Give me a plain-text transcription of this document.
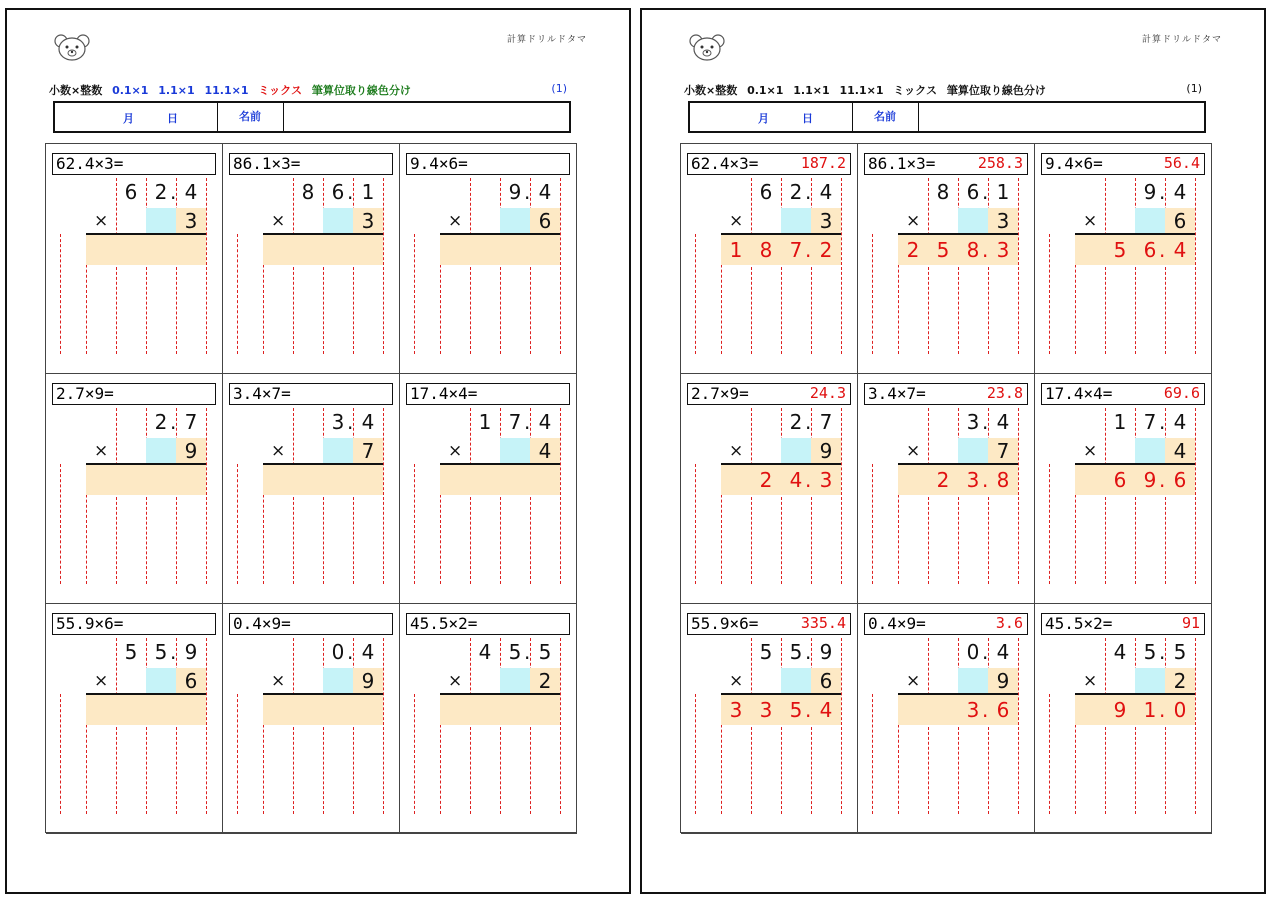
計算ドリルドタマ
小数×整数 0.1×1 1.1×1 11.1×1 ミックス 筆算位取り線色分け	(1)
月	日	名前
62.4×3=
6 2 4
.
×	3
86.1×3=
8 6 1
.
×	3
9.4×6=
9 4
.
×	6
2.7×9=
2 7
.
×	9
3.4×7=
3 4
.
×	7
17.4×4=
1 7 4
.
×	4
55.9×6=
5 5 9
.
×	6
0.4×9=
0 4
.
×	9
45.5×2=
4 5 5
.
×	2
計算ドリルドタマ
小数×整数 0.1×1 1.1×1 11.1×1 ミックス 筆算位取り線色分け	(1)
月	日	名前
62.4×3=	187.2
6 2 4
.
×	3
1 8 7 2
.
86.1×3=	258.3
8 6 1
.
×	3
2 5 8 3
.
9.4×6=	56.4
9 4
.
×	6
5 6 4
.
2.7×9=	24.3
2 7
.
×	9
2 4 3
.
3.4×7=	23.8
3 4
.
×	7
2 3 8
.
17.4×4=	69.6
1 7 4
.
×	4
6 9 6
.
55.9×6=	335.4
5 5 9
.
×	6
3 3 5 4
.
0.4×9=	3.6
0 4
.
×	9
3 6
.
45.5×2=	91
4 5 5
.
×	2
9 1 0
.
